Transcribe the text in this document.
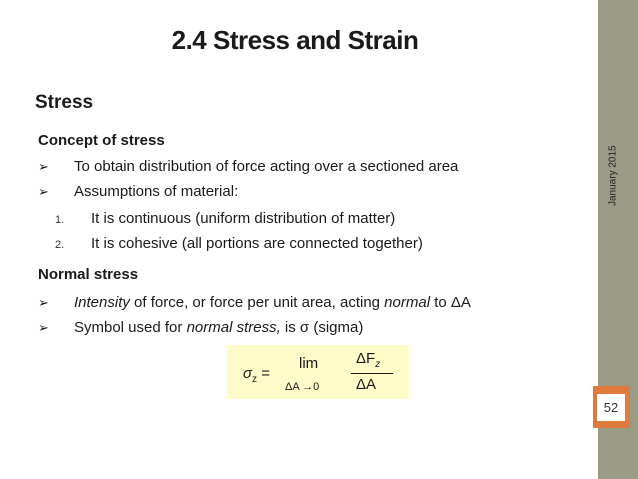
January 2015
52
2.4 Stress and Strain
Stress
Concept of stress
➢ To obtain distribution of force acting over a sectioned area
➢ Assumptions of material:
1. It is continuous (uniform distribution of matter)
2. It is cohesive (all portions are connected together)
Normal stress
➢ Intensity of force, or force per unit area, acting normal to ΔA
➢ Symbol used for normal stress, is σ (sigma)
$\sigma_z$ =
lim
ΔA →0
$\Delta F_z$
ΔA
